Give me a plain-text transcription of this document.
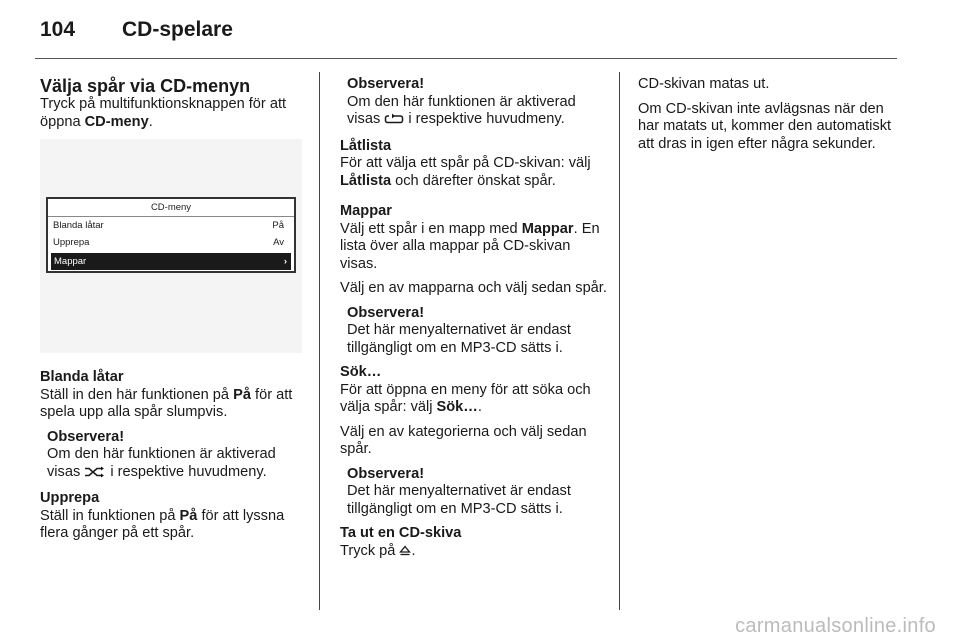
104 CD-spelare

Välja spår via CD-menyn

Tryck på multifunktionsknappen för att öppna CD-meny.

CD-meny
Blanda låtar	På
Upprepa	Av
Mappar	›

Blanda låtar

Ställ in den här funktionen på På för att spela upp alla spår slumpvis.

Observera!
Om den här funktionen är aktiverad visas  i respektive huvudmeny.

Upprepa

Ställ in funktionen på På för att lyssna flera gånger på ett spår.

Observera!
Om den här funktionen är aktiverad visas  i respektive huvudmeny.

Låtlista

För att välja ett spår på CD-skivan: välj Låtlista och därefter önskat spår.

Mappar

Välj ett spår i en mapp med Mappar. En lista över alla mappar på CD-skivan visas.

Välj en av mapparna och välj sedan spår.

Observera!
Det här menyalternativet är endast tillgängligt om en MP3-CD sätts i.

Sök…

För att öppna en meny för att söka och välja spår: välj Sök….

Välj en av kategorierna och välj sedan spår.

Observera!
Det här menyalternativet är endast tillgängligt om en MP3-CD sätts i.

Ta ut en CD-skiva

Tryck på .

CD-skivan matas ut.

Om CD-skivan inte avlägsnas när den har matats ut, kommer den automatiskt att dras in igen efter några sekunder.

carmanualsonline.info
